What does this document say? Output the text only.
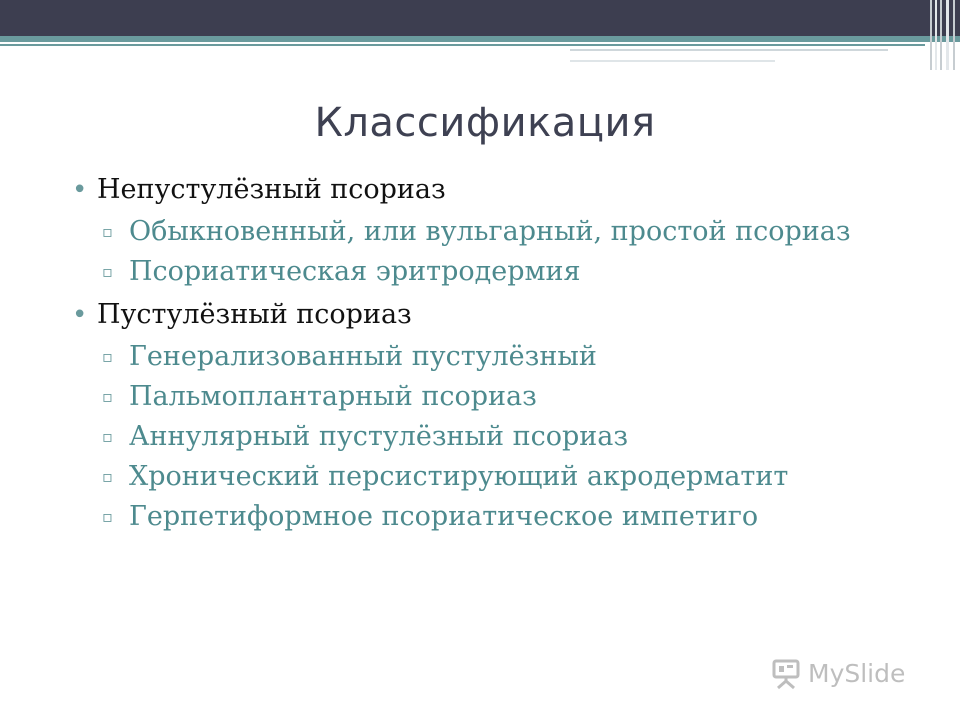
Классификация
• Непустулёзный псориаз
▫ Обыкновенный, или вульгарный, простой псориаз
▫ Псориатическая эритродермия
• Пустулёзный псориаз
▫ Генерализованный пустулёзный
▫ Пальмоплантарный псориаз
▫ Аннулярный пустулёзный псориаз
▫ Хронический персистирующий акродерматит
▫ Герпетиформное псориатическое импетиго
MySlide
